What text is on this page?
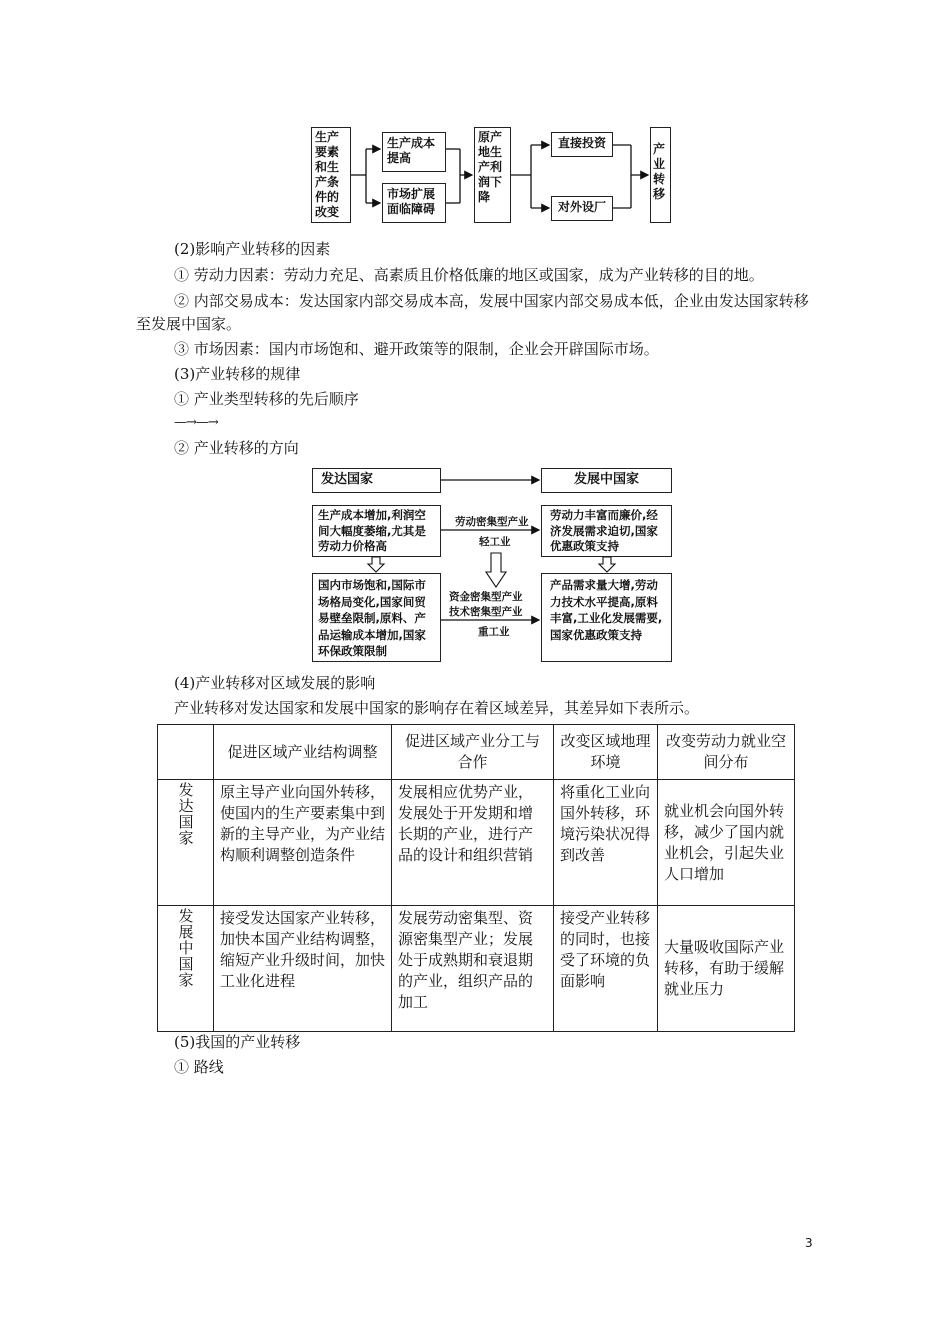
生产要素和生产条件的改变
生产成本提高
市场扩展面临障碍
原产地生产利润下降
直接投资
对外设厂
产业转移
(2)影响产业转移的因素
① 劳动力因素：劳动力充足、高素质且价格低廉的地区或国家，成为产业转移的目的地。
② 内部交易成本：发达国家内部交易成本高，发展中国家内部交易成本低，企业由发达国家转移至发展中国家。
③ 市场因素：国内市场饱和、避开政策等的限制，企业会开辟国际市场。
(3)产业转移的规律
① 产业类型转移的先后顺序
—→—→
② 产业转移的方向
发达国家	发展中国家
生产成本增加,利润空间大幅度萎缩,尤其是劳动力价格高
国内市场饱和,国际市场格局变化,国家间贸易壁垒限制,原料、产品运输成本增加,国家环保政策限制
劳动力丰富而廉价,经济发展需求迫切,国家优惠政策支持
产品需求量大增,劳动力技术水平提高,原料丰富,工业化发展需要,国家优惠政策支持
劳动密集型产业
轻工业
资金密集型产业
技术密集型产业
重工业
(4)产业转移对区域发展的影响
产业转移对发达国家和发展中国家的影响存在着区域差异，其差异如下表所示。
	促进区域产业结构调整	促进区域产业分工与合作	改变区域地理环境	改变劳动力就业空间分布
发达国家	原主导产业向国外转移，使国内的生产要素集中到新的主导产业，为产业结构顺利调整创造条件	发展相应优势产业，发展处于开发期和增长期的产业，进行产品的设计和组织营销	将重化工业向国外转移，环境污染状况得到改善	就业机会向国外转移，减少了国内就业机会，引起失业人口增加
发展中国家	接受发达国家产业转移，加快本国产业结构调整，缩短产业升级时间，加快工业化进程	发展劳动密集型、资源密集型产业；发展处于成熟期和衰退期的产业，组织产品的加工	接受产业转移的同时，也接受了环境的负面影响	大量吸收国际产业转移，有助于缓解就业压力
(5)我国的产业转移
① 路线
3
